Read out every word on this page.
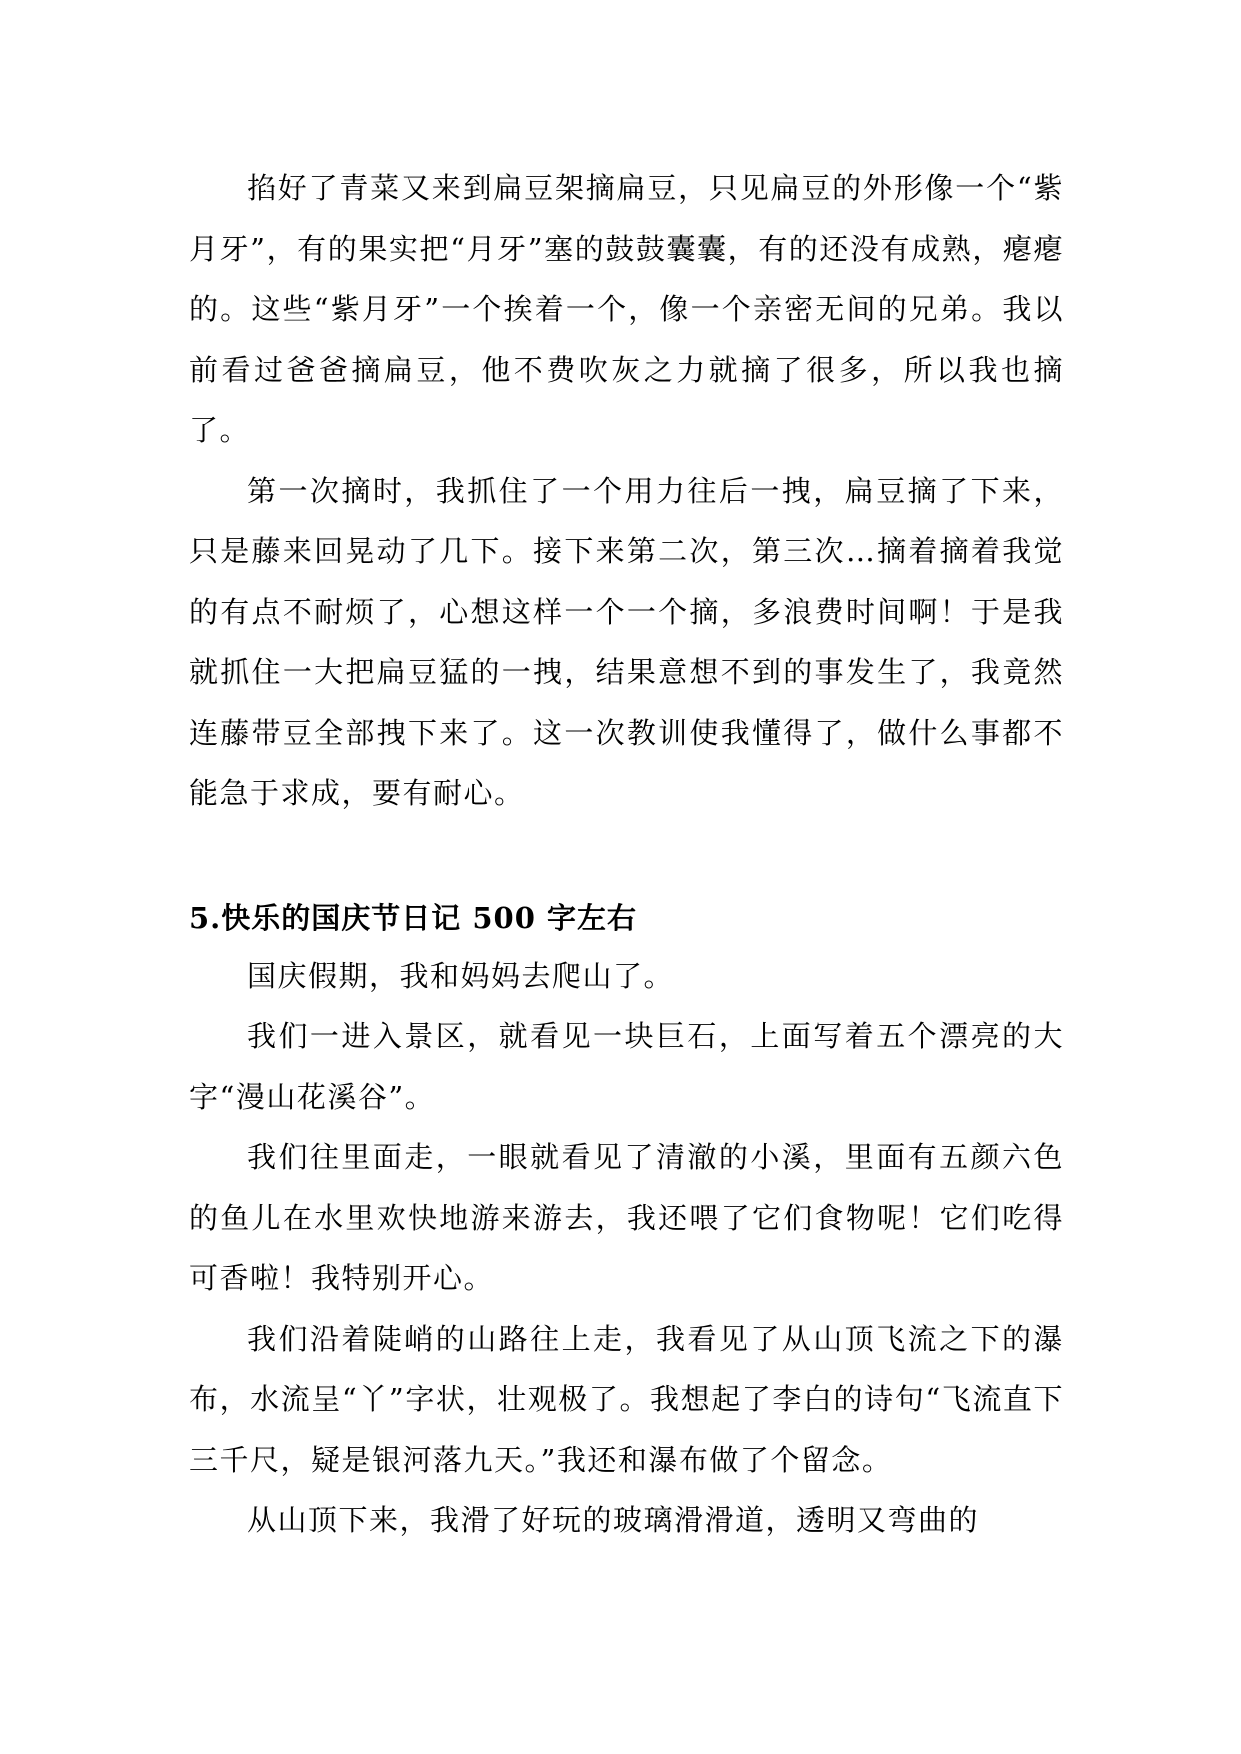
掐好了青菜又来到扁豆架摘扁豆，只见扁豆的外形像一个“紫月牙”，有的果实把“月牙”塞的鼓鼓囊囊，有的还没有成熟，瘪瘪的。这些“紫月牙”一个挨着一个，像一个亲密无间的兄弟。我以前看过爸爸摘扁豆，他不费吹灰之力就摘了很多，所以我也摘了。

第一次摘时，我抓住了一个用力往后一拽，扁豆摘了下来，只是藤来回晃动了几下。接下来第二次，第三次…摘着摘着我觉的有点不耐烦了，心想这样一个一个摘，多浪费时间啊！于是我就抓住一大把扁豆猛的一拽，结果意想不到的事发生了，我竟然连藤带豆全部拽下来了。这一次教训使我懂得了，做什么事都不能急于求成，要有耐心。

5.快乐的国庆节日记 500 字左右

国庆假期，我和妈妈去爬山了。

我们一进入景区，就看见一块巨石，上面写着五个漂亮的大字“漫山花溪谷”。

我们往里面走，一眼就看见了清澈的小溪，里面有五颜六色的鱼儿在水里欢快地游来游去，我还喂了它们食物呢！它们吃得可香啦！我特别开心。

我们沿着陡峭的山路往上走，我看见了从山顶飞流之下的瀑布，水流呈“丫”字状，壮观极了。我想起了李白的诗句“飞流直下三千尺，疑是银河落九天。”我还和瀑布做了个留念。

从山顶下来，我滑了好玩的玻璃滑滑道，透明又弯曲的
